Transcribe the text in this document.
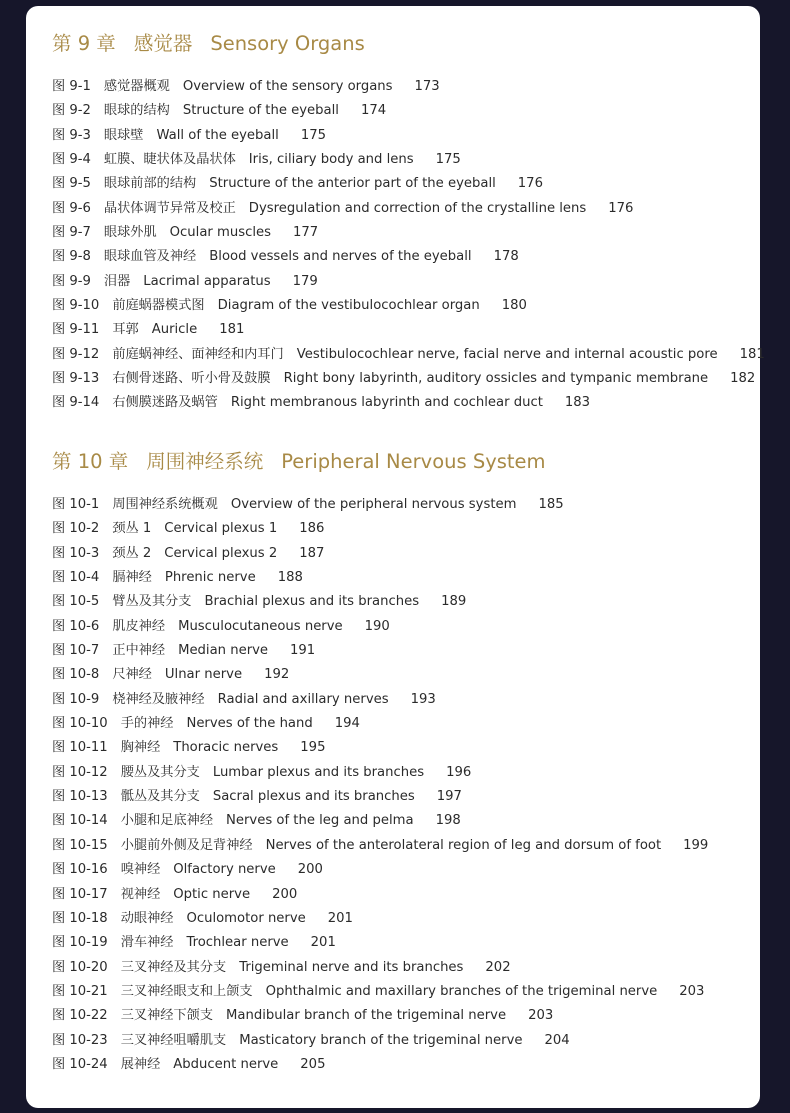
第 9 章 感觉器 Sensory Organs
图 9-1 感觉器概观 Overview of the sensory organs 173
图 9-2 眼球的结构 Structure of the eyeball 174
图 9-3 眼球壁 Wall of the eyeball 175
图 9-4 虹膜、睫状体及晶状体 Iris, ciliary body and lens 175
图 9-5 眼球前部的结构 Structure of the anterior part of the eyeball 176
图 9-6 晶状体调节异常及校正 Dysregulation and correction of the crystalline lens 176
图 9-7 眼球外肌 Ocular muscles 177
图 9-8 眼球血管及神经 Blood vessels and nerves of the eyeball 178
图 9-9 泪器 Lacrimal apparatus 179
图 9-10 前庭蜗器模式图 Diagram of the vestibulocochlear organ 180
图 9-11 耳郭 Auricle 181
图 9-12 前庭蜗神经、面神经和内耳门 Vestibulocochlear nerve, facial nerve and internal acoustic pore 181
图 9-13 右侧骨迷路、听小骨及鼓膜 Right bony labyrinth, auditory ossicles and tympanic membrane 182
图 9-14 右侧膜迷路及蜗管 Right membranous labyrinth and cochlear duct 183
第 10 章 周围神经系统 Peripheral Nervous System
图 10-1 周围神经系统概观 Overview of the peripheral nervous system 185
图 10-2 颈丛 1 Cervical plexus 1 186
图 10-3 颈丛 2 Cervical plexus 2 187
图 10-4 膈神经 Phrenic nerve 188
图 10-5 臂丛及其分支 Brachial plexus and its branches 189
图 10-6 肌皮神经 Musculocutaneous nerve 190
图 10-7 正中神经 Median nerve 191
图 10-8 尺神经 Ulnar nerve 192
图 10-9 桡神经及腋神经 Radial and axillary nerves 193
图 10-10 手的神经 Nerves of the hand 194
图 10-11 胸神经 Thoracic nerves 195
图 10-12 腰丛及其分支 Lumbar plexus and its branches 196
图 10-13 骶丛及其分支 Sacral plexus and its branches 197
图 10-14 小腿和足底神经 Nerves of the leg and pelma 198
图 10-15 小腿前外侧及足背神经 Nerves of the anterolateral region of leg and dorsum of foot 199
图 10-16 嗅神经 Olfactory nerve 200
图 10-17 视神经 Optic nerve 200
图 10-18 动眼神经 Oculomotor nerve 201
图 10-19 滑车神经 Trochlear nerve 201
图 10-20 三叉神经及其分支 Trigeminal nerve and its branches 202
图 10-21 三叉神经眼支和上颌支 Ophthalmic and maxillary branches of the trigeminal nerve 203
图 10-22 三叉神经下颌支 Mandibular branch of the trigeminal nerve 203
图 10-23 三叉神经咀嚼肌支 Masticatory branch of the trigeminal nerve 204
图 10-24 展神经 Abducent nerve 205
